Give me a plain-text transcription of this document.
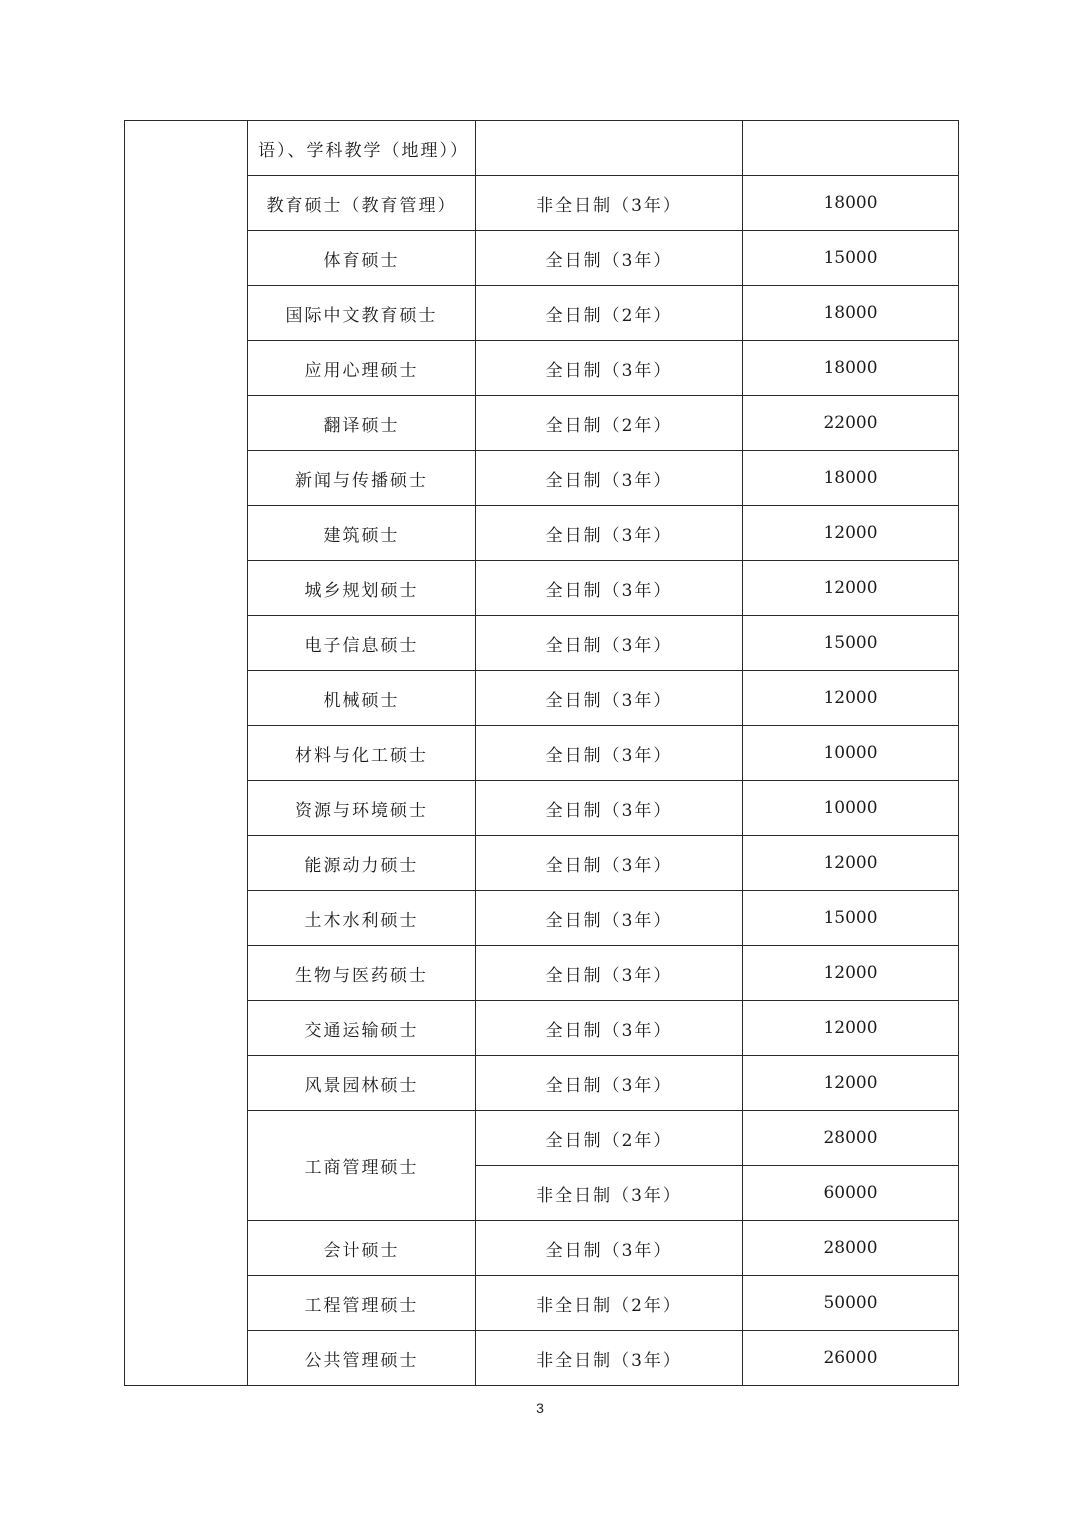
	语）、学科教学（地理））		
	教育硕士（教育管理）	非全日制（3年）	18000
	体育硕士	全日制（3年）	15000
	国际中文教育硕士	全日制（2年）	18000
	应用心理硕士	全日制（3年）	18000
	翻译硕士	全日制（2年）	22000
	新闻与传播硕士	全日制（3年）	18000
	建筑硕士	全日制（3年）	12000
	城乡规划硕士	全日制（3年）	12000
	电子信息硕士	全日制（3年）	15000
	机械硕士	全日制（3年）	12000
	材料与化工硕士	全日制（3年）	10000
	资源与环境硕士	全日制（3年）	10000
	能源动力硕士	全日制（3年）	12000
	土木水利硕士	全日制（3年）	15000
	生物与医药硕士	全日制（3年）	12000
	交通运输硕士	全日制（3年）	12000
	风景园林硕士	全日制（3年）	12000
	工商管理硕士	全日制（2年）	28000
		非全日制（3年）	60000
	会计硕士	全日制（3年）	28000
	工程管理硕士	非全日制（2年）	50000
	公共管理硕士	非全日制（3年）	26000
3
